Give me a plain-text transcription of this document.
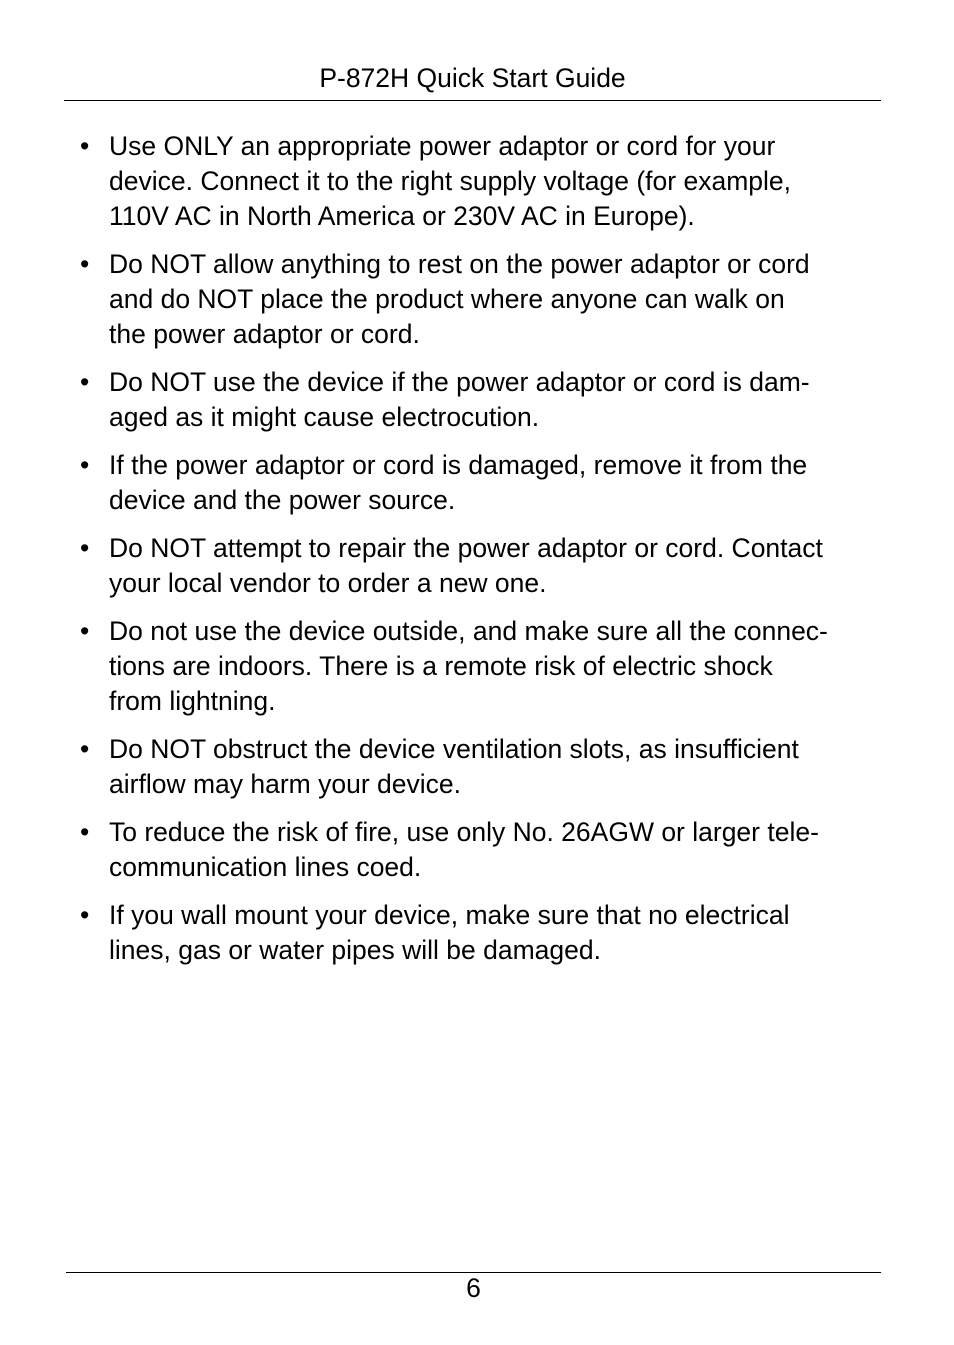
P-872H Quick Start Guide
• Use ONLY an appropriate power adaptor or cord for your
device. Connect it to the right supply voltage (for example,
110V AC in North America or 230V AC in Europe).
• Do NOT allow anything to rest on the power adaptor or cord
and do NOT place the product where anyone can walk on
the power adaptor or cord.
• Do NOT use the device if the power adaptor or cord is dam-
aged as it might cause electrocution.
• If the power adaptor or cord is damaged, remove it from the
device and the power source.
• Do NOT attempt to repair the power adaptor or cord. Contact
your local vendor to order a new one.
• Do not use the device outside, and make sure all the connec-
tions are indoors. There is a remote risk of electric shock
from lightning.
• Do NOT obstruct the device ventilation slots, as insufficient
airflow may harm your device.
• To reduce the risk of fire, use only No. 26AGW or larger tele-
communication lines coed.
• If you wall mount your device, make sure that no electrical
lines, gas or water pipes will be damaged.
6
